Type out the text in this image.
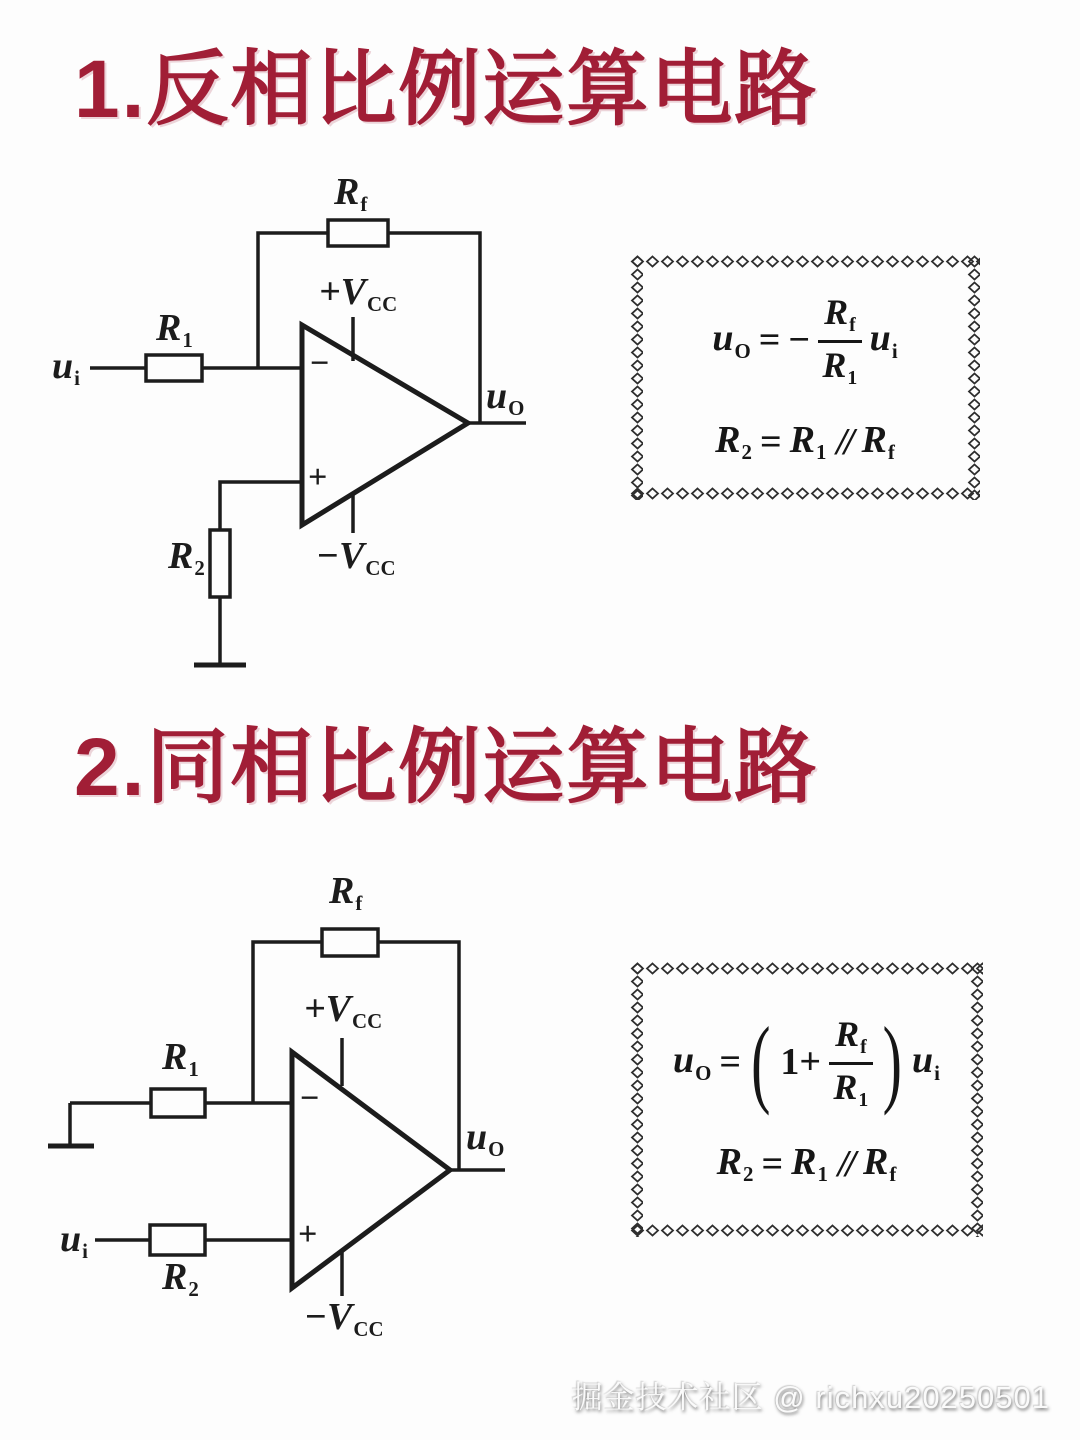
1.反相比例运算电路
$R_f$
$R_1$
$u_i$	$u_O$
$+V_{CC}$
$-V_{CC}$
$R_2$
−
+
$u_O$ = − $\frac{R_f}{R_1} u_i$
$R_2 = R_1 // R_f$
2.同相比例运算电路
$R_f$
$R_1$
$u_i$
$R_2$
$u_O$
$+V_{CC}$
$-V_{CC}$
−
+
$u_O$ = ( $1+ \frac{R_f}{R_1}$ ) $u_i$
$R_2 = R_1 // R_f$
掘金技术社区 @ richxu20250501
